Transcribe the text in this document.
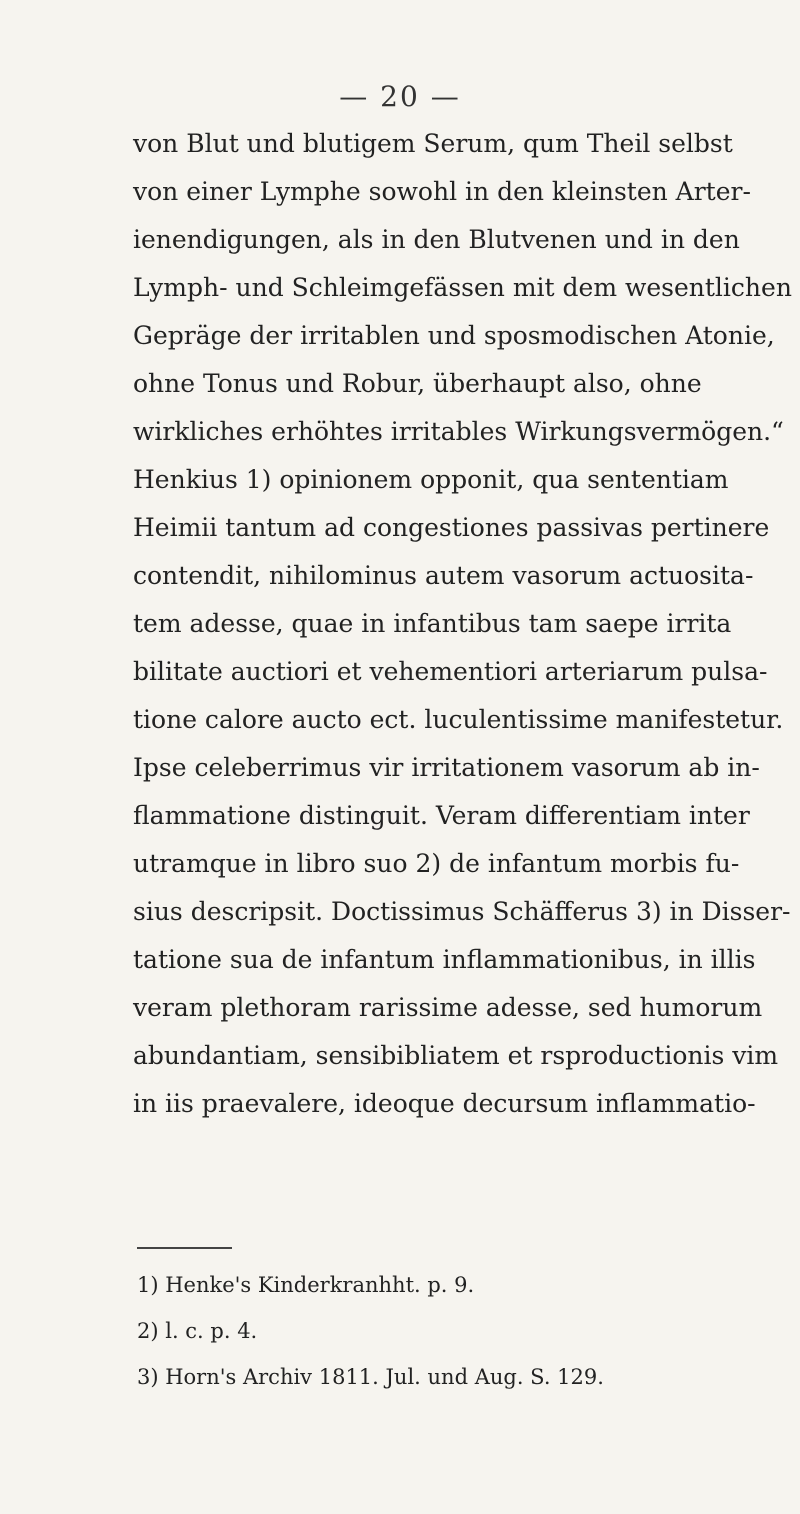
— 20 —
von Blut und blutigem Serum, qum Theil selbst
von einer Lymphe sowohl in den kleinsten Arter-
ienendigungen, als in den Blutvenen und in den
Lymph- und Schleimgefässen mit dem wesentlichen
Gepräge der irritablen und sposmodischen Atonie,
ohne Tonus und Robur, überhaupt also, ohne
wirkliches erhöhtes irritables Wirkungsvermögen.“
Henkius 1) opinionem opponit, qua sententiam
Heimii tantum ad congestiones passivas pertinere
contendit, nihilominus autem vasorum actuosita-
tem adesse, quae in infantibus tam saepe irrita
bilitate auctiori et vehementiori arteriarum pulsa-
tione calore aucto ect. luculentissime manifestetur.
Ipse celeberrimus vir irritationem vasorum ab in-
flammatione distinguit. Veram differentiam inter
utramque in libro suo 2) de infantum morbis fu-
sius descripsit. Doctissimus Schäfferus 3) in Disser-
tatione sua de infantum inflammationibus, in illis
veram plethoram rarissime adesse, sed humorum
abundantiam, sensibibliatem et rsproductionis vim
in iis praevalere, ideoque decursum inflammatio-
1) Henke's Kinderkranhht. p. 9.
2) l. c. p. 4.
3) Horn's Archiv 1811. Jul. und Aug. S. 129.
